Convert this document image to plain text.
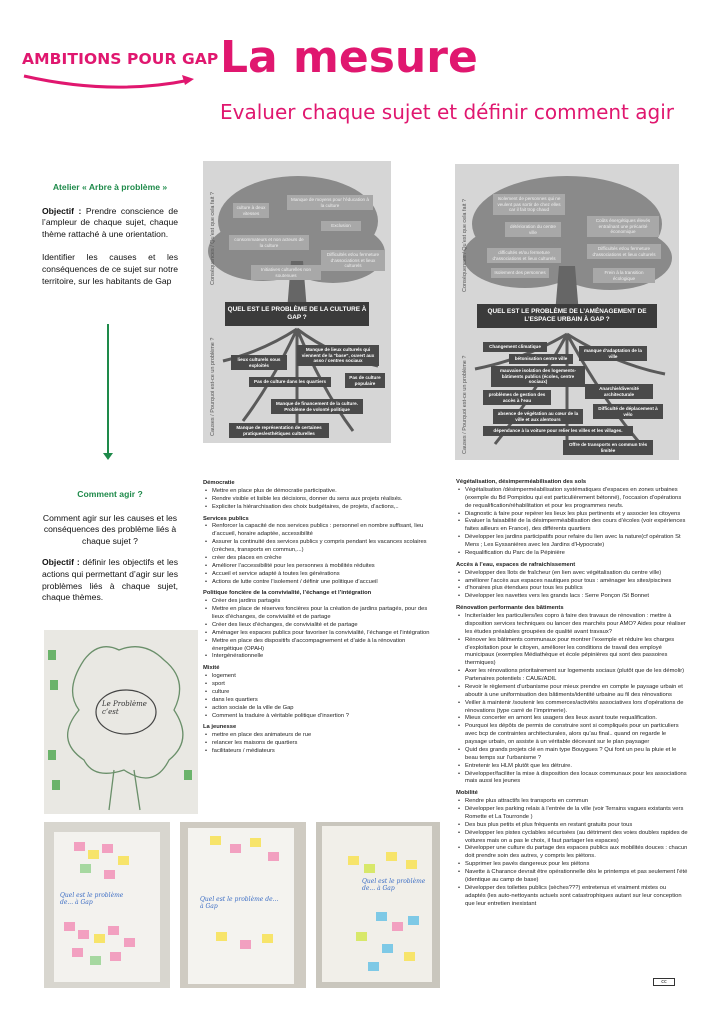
AMBITIONS POUR GAP La mesure
Evaluer chaque sujet et définir comment agir
Atelier « Arbre à problème »

Objectif : Prendre conscience de l’ampleur de chaque sujet, chaque thème rattaché à une orientation.

Identifier les causes et les conséquences de ce sujet sur notre territoire, sur les habitants de Gap

Comment agir ?

Comment agir sur les causes et les conséquences des problème liés à chaque sujet ?

Objectif : définir les objectifs et les actions qui permettant d’agir sur les problèmes liés à chaque sujet, chaque thèmes.

Conséquences / Qu’est que cela fait ?
Causes / Pourquoi est-ce un problème ?
culture à deux vitesses
Manque de moyens pour l’éducation à la culture
Exclusion
consommateurs et non acteurs de la culture
Difficultés et/ou fermeture d’associations et lieux culturels
Initiatives culturelles non soutenues
QUEL EST LE PROBLÈME DE LA CULTURE À GAP ?
lieux culturels sous exploités
Manque de lieux culturels qui viennent de la "base", ouvert aux asso / centres sociaux
Pas de culture dans les quartiers
Pas de culture populaire
Manque de financement de la culture. Problème de volonté politique
Manque de représentation de certaines pratiques/esthétiques culturelles
Conséquences / Qu’est que cela fait ?
Causes / Pourquoi est-ce un problème ?
Isolement de personnes qui ne veulent pas sortir de chez elles car il fait trop chaud
Coûts énergétiques élevés entraînant une précarité économique
détérioration du centre ville
Difficultés et/ou fermeture d’associations et lieux culturels
difficultés et/ou fermeture d’associations et lieux culturels
Isolement des personnes	Frein à la transition écologique
QUEL EST LE PROBLÈME DE L’AMÉNAGEMENT DE L’ESPACE URBAIN À GAP ?
Changement climatique
bétonisation centre ville
manque d’adaptation de la ville
mauvaise isolation des logements-bâtiments publics (écoles, centre sociaux)
Anarchie/diversité architecturale
problèmes de gestion des accès à l’eau
absence de végétation au cœur de la ville et aux alentours
Difficulté de déplacement à vélo
dépendance à la voiture pour relier les villes et les villages.
Offre de transports en commun très limitée
Démocratie
• Mettre en place plus de démocratie participative.
• Rendre visible et lisible les décisions, donner du sens aux projets réalisés.
• Expliciter la hiérarchisation des choix budgétaires, de projets, d’actions,..
Services publics
• Renforcer la capacité de nos services publics : personnel en nombre suffisant, lieu d’accueil, horaire adaptée, accessibilité
• Assurer la continuité des services publics y compris pendant les vacances scolaires (crèches, transports en commun,...)
• créer des places en crèche
• Améliorer l’accessibilité pour les personnes à mobilités réduites
• Accueil et service adapté à toutes les générations
• Actions de lutte contre l’isolement / définir une politique d’accueil
Politique foncière de la convivialité, l’échange et l’intégration
• Créer des jardins partagés
• Mettre en place de réserves foncières pour la création de jardins partagés, pour des lieux d’échanges, de convivialité et de partage
• Créer des lieux d’échanges, de convivialité et de partage
• Aménager les espaces publics pour favoriser la convivialité, l’échange et l’intégration
• Mettre en place des dispositifs d’accompagnement et d’aide à la rénovation énergétique (OPAH)
• Intergénérationnelle
Mixité
• logement
• sport
• culture
• dans les quartiers
• action sociale de la ville de Gap
• Comment la traduire à véritable politique d’insertion ?
La jeunesse
• mettre en place des animateurs de rue
• relancer les maisons de quartiers
• facilitateurs / médiateurs
Végétalisation, désimperméabilisation des sols
• Végétalisation /désimperméabilisation systématiques d’espaces en zones urbaines (exemple du Bd Pompidou qui est particulièrement bétonné), l’occasion d’opérations de requalification/réhabilitation et pour les programmes neufs.
• Diagnostic à faire pour repérer les lieux les plus pertinents et y associer les citoyens
• Évaluer la faisabilité de la désimperméabilisation des cours d’écoles (voir expériences faites ailleurs en France), des différents quartiers
• Développer les jardins participatifs pour refaire du lien avec la nature(cf opération St Mens ; Les Eyssaniéres avec les Jardins d’Hypocrate)
• Requalification du Parc de la Pépinière
Accès à l’eau, espaces de rafraichissement
• Développer des îlots de fraîcheur (en lien avec végétalisation du centre ville)
• améliorer l’accès aux espaces nautiques pour tous : aménager les sites/piscines
• d’horaires plus étendues pour tous les publics
• Développer les navettes vers les grands lacs : Serre Ponçon /St Bonnet
Rénovation performante des bâtiments
• Inciter/aider les particuliers/les copro à faire des travaux de rénovation : mettre à disposition services techniques ou lancer des marchés pour AMO? Aides pour réaliser les études préalables groupées de qualité avant travaux?
• Rénover les bâtiments communaux pour montrer l’exemple et réduire les charges d’exploitation pour le citoyen, améliorer les conditions de travail des employé municipaux (exemples Médiathèque et école pépinières qui sont des passoires thermiques)
• Axer les rénovations prioritairement sur logements sociaux (plutôt que de les démolir) Partenaires potentiels : CAUE/ADIL
• Revoir le règlement d’urbanisme pour mieux prendre en compte le paysage urbain et aboutir à une uniformisation des bâtiments/identité urbaine au fil des rénovations
• Veiller à maintenir /soutenir les commerces/activités associatives lors d’opérations de rénovations (type carré de l’imprimerie).
• Mieux concerter en amont les usagers des lieux avant toute requalification.
• Pourquoi les dépôts de permis de construire sont si compliqués pour un particuliers avec bcp de contraintes architecturales, alors qu’au final.. quand on regarde le paysage urbain, on assiste à un véritable décevant sur le plan paysager
• Quid des grands projets clé en main type Bouygues ? Qui font un peu la pluie et le beau temps sur l’urbanisme ?
• Entretenir les HLM plutôt que les détruire.
• Développer/faciliter la mise à disposition des locaux communaux pour les associations mais aussi les jeunes
Mobilité
• Rendre plus attractifs les transports en commun
• Développer les parking relais à l’entrée de la ville (voir Terrains vagues existants vers Romette et La Tourronde )
• Des bus plus petits et plus fréquents en restant gratuits pour tous
• Développer les pistes cyclables sécurisées (au détriment des voies doubles rapides de voitures mais on a pas le choix, il faut partager les espaces)
• Développer une culture du partage des espaces publics aux mobilités douces : chacun doit prendre soin des autres, y compris les piétons.
• Supprimer les pavés dangereux pour les piétons
• Navette à Charance devrait être opérationnelle dès le printemps et pas seulement l’été (identique au camp de base)
• Développer des toilettes publics (sèches???) entretenus et vraiment mixtes ou adaptés (les auto-nettoyants actuels sont catastrophiques autant sur leur conception que leur entretien inexistant
Le Problème c’est
Quel est le problème de... à Gap	Quel est le problème de... à Gap
Quel est le problème de... à Gap
cc
